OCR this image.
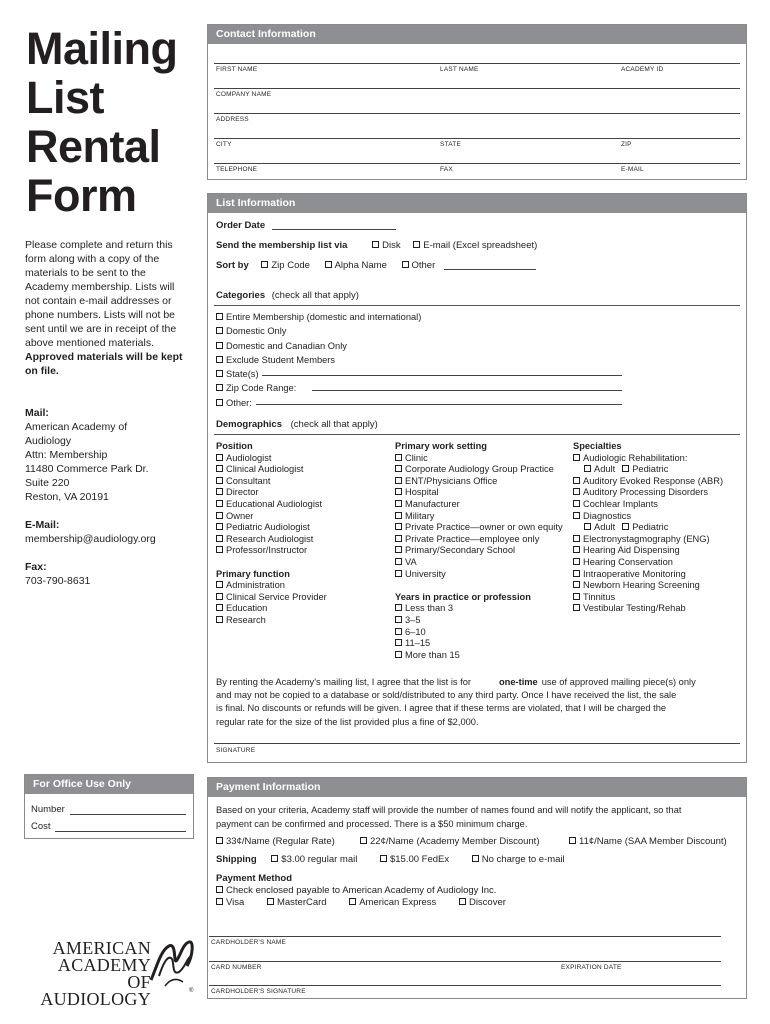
Mailing
List
Rental
Form
Please complete and return this form along with a copy of the materials to be sent to the Academy membership. Lists will not contain e-mail addresses or phone numbers. Lists will not be sent until we are in receipt of the above mentioned materials. Approved materials will be kept on file.
Mail:
American Academy of
Audiology
Attn: Membership
11480 Commerce Park Dr.
Suite 220
Reston, VA 20191
E-Mail:
membership@audiology.org
Fax:
703-790-8631
Contact Information
FIRST NAME	LAST NAME	ACADEMY ID
COMPANY NAME
ADDRESS
CITY	STATE	ZIP
TELEPHONE	FAX	E-MAIL
List Information
Order Date
Send the membership list via	Disk E-mail (Excel spreadsheet)
Sort by Zip Code	Alpha Name	Other
Categories (check all that apply)
Entire Membership (domestic and international)
Domestic Only
Domestic and Canadian Only
Exclude Student Members
State(s)
Zip Code Range:
Other:
Demographics (check all that apply)
Position
Audiologist
Clinical Audiologist
Consultant
Director
Educational Audiologist
Owner
Pediatric Audiologist
Research Audiologist
Professor/Instructor
Primary function
Administration
Clinical Service Provider
Education
Research
Primary work setting
Clinic
Corporate Audiology Group Practice
ENT/Physicians Office
Hospital
Manufacturer
Military
Private Practice—owner or own equity
Private Practice—employee only
Primary/Secondary School
VA
University
Years in practice or profession
Less than 3
3–5
6–10
11–15
More than 15
Specialties
Audiologic Rehabilitation:
Adult Pediatric
Auditory Evoked Response (ABR)
Auditory Processing Disorders
Cochlear Implants
Diagnostics
Adult Pediatric
Electronystagmography (ENG)
Hearing Aid Dispensing
Hearing Conservation
Intraoperative Monitoring
Newborn Hearing Screening
Tinnitus
Vestibular Testing/Rehab
By renting the Academy's mailing list, I agree that the list is for	one-time use of approved mailing piece(s) only
and may not be copied to a database or sold/distributed to any third party. Once I have received the list, the sale
is final. No discounts or refunds will be given. I agree that if these terms are violated, that I will be charged the
regular rate for the size of the list provided plus a fine of $2,000.
SIGNATURE
For Office Use Only
Number
Cost
Payment Information
Based on your criteria, Academy staff will provide the number of names found and will notify the applicant, so that
payment can be confirmed and processed. There is a $50 minimum charge.
33¢/Name (Regular Rate)	22¢/Name (Academy Member Discount)	11¢/Name (SAA Member Discount)
Shipping	$3.00 regular mail	$15.00 FedEx	No charge to e-mail
Payment Method
Check enclosed payable to American Academy of Audiology Inc.
Visa	MasterCard	American Express	Discover
CARDHOLDER'S NAME
CARD NUMBER	EXPIRATION DATE
CARDHOLDER'S SIGNATURE
AMERICAN
ACADEMY OF
AUDIOLOGY	®
